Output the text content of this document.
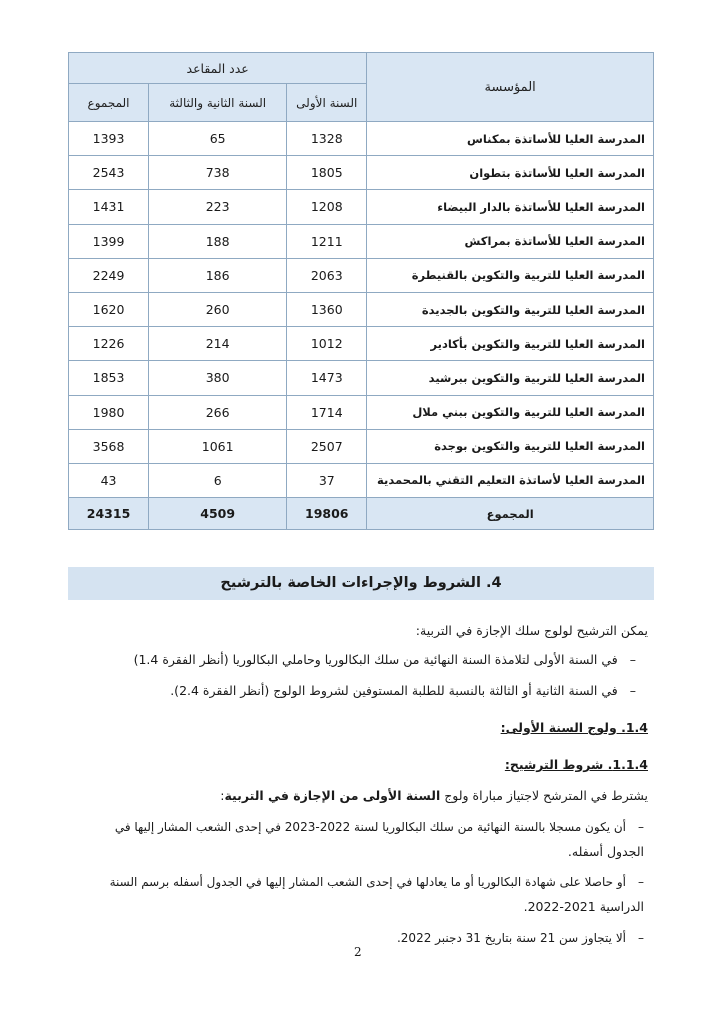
المؤسسة	عدد المقاعد		
	السنة الأولى	السنة الثانية والثالثة	المجموع
المدرسة العليا للأساتذة بمكناس	1328	65	1393
المدرسة العليا للأساتذة بتطوان	1805	738	2543
المدرسة العليا للأساتذة بالدار البيضاء	1208	223	1431
المدرسة العليا للأساتذة بمراكش	1211	188	1399
المدرسة العليا للتربية والتكوين بالقنيطرة	2063	186	2249
المدرسة العليا للتربية والتكوين بالجديدة	1360	260	1620
المدرسة العليا للتربية والتكوين بأكادير	1012	214	1226
المدرسة العليا للتربية والتكوين ببرشيد	1473	380	1853
المدرسة العليا للتربية والتكوين ببني ملال	1714	266	1980
المدرسة العليا للتربية والتكوين بوجدة	2507	1061	3568
المدرسة العليا لأساتذة التعليم التقني بالمحمدية	37	6	43
المجموع	19806	4509	24315
4. الشروط والإجراءات الخاصة بالترشيح
يمكن الترشيح لولوج سلك الإجازة في التربية:
– في السنة الأولى لتلامذة السنة النهائية من سلك البكالوريا وحاملي البكالوريا (أنظر الفقرة 1.4)
– في السنة الثانية أو الثالثة بالنسبة للطلبة المستوفين لشروط الولوج (أنظر الفقرة 2.4).
1.4. ولوج السنة الأولى:
1.1.4. شروط الترشيح:
يشترط في المترشح لاجتياز مباراة ولوج السنة الأولى من الإجازة في التربية:
– أن يكون مسجلا بالسنة النهائية من سلك البكالوريا لسنة 2022-2023 في إحدى الشعب المشار إليها في
الجدول أسفله.
– أو حاصلا على شهادة البكالوريا أو ما يعادلها في إحدى الشعب المشار إليها في الجدول أسفله برسم السنة
الدراسية 2021-2022.
– ألا يتجاوز سن 21 سنة بتاريخ 31 دجنبر 2022.
2
